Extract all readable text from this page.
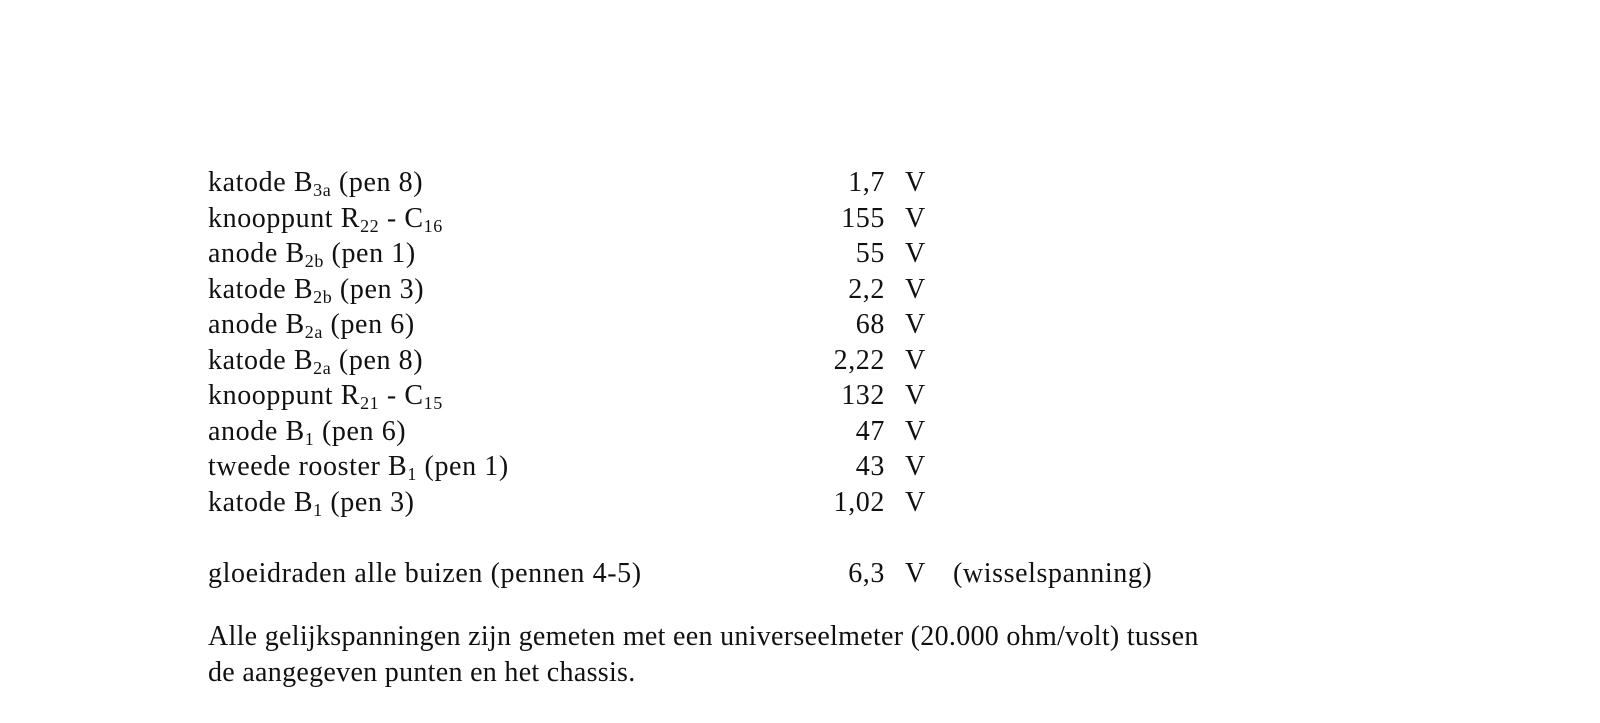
katode $B_{3a}$ (pen 8)	1,7 V
knooppunt $R_{22} - C_{16}$	155 V
anode $B_{2b}$ (pen 1)	55 V
katode $B_{2b}$ (pen 3)	2,2 V
anode $B_{2a}$ (pen 6)	68 V
katode $B_{2a}$ (pen 8)	2,22 V
knooppunt $R_{21} - C_{15}$	132 V
anode $B_1$ (pen 6)	47 V
tweede rooster $B_1$ (pen 1)	43 V
katode $B_1$ (pen 3)	1,02 V
gloeidraden alle buizen (pennen 4-5)	6,3 V (wisselspanning)
Alle gelijkspanningen zijn gemeten met een universeelmeter (20.000 ohm/volt) tussen
de aangegeven punten en het chassis.
